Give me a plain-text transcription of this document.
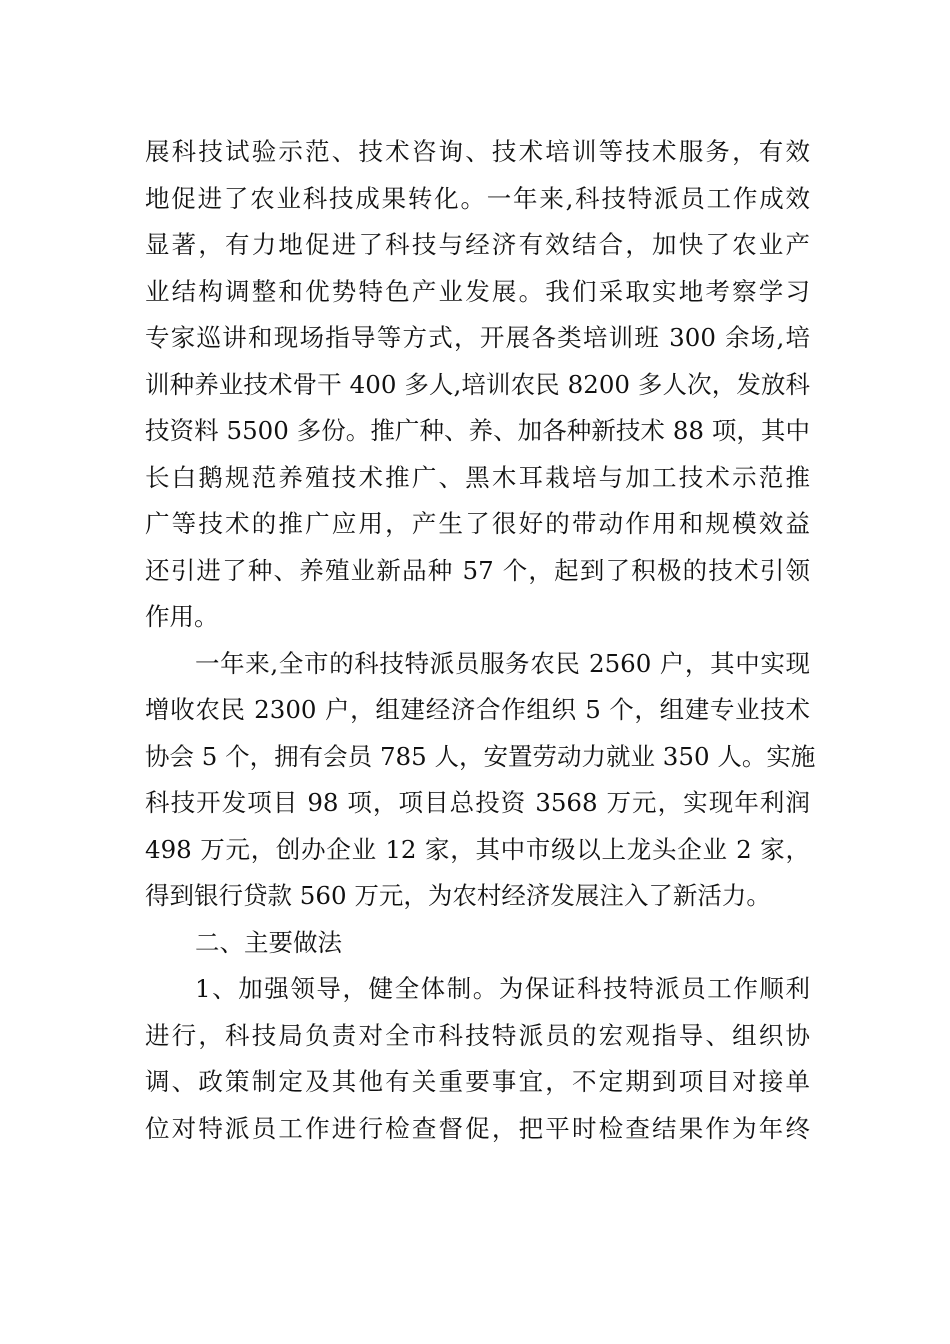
展科技试验示范、技术咨询、技术培训等技术服务，有效
地促进了农业科技成果转化。一年来,科技特派员工作成效
显著，有力地促进了科技与经济有效结合，加快了农业产
业结构调整和优势特色产业发展。我们采取实地考察学习
专家巡讲和现场指导等方式，开展各类培训班 300 余场,培
训种养业技术骨干 400 多人,培训农民 8200 多人次，发放科
技资料 5500 多份。推广种、养、加各种新技术 88 项，其中
长白鹅规范养殖技术推广、黑木耳栽培与加工技术示范推
广等技术的推广应用，产生了很好的带动作用和规模效益
还引进了种、养殖业新品种 57 个，起到了积极的技术引领
作用。
一年来,全市的科技特派员服务农民 2560 户，其中实现
增收农民 2300 户，组建经济合作组织 5 个，组建专业技术
协会 5 个，拥有会员 785 人，安置劳动力就业 350 人。实施
科技开发项目 98 项，项目总投资 3568 万元，实现年利润
498 万元，创办企业 12 家，其中市级以上龙头企业 2 家，
得到银行贷款 560 万元，为农村经济发展注入了新活力。
二、主要做法
1、加强领导，健全体制。为保证科技特派员工作顺利
进行，科技局负责对全市科技特派员的宏观指导、组织协
调、政策制定及其他有关重要事宜，不定期到项目对接单
位对特派员工作进行检查督促，把平时检查结果作为年终
